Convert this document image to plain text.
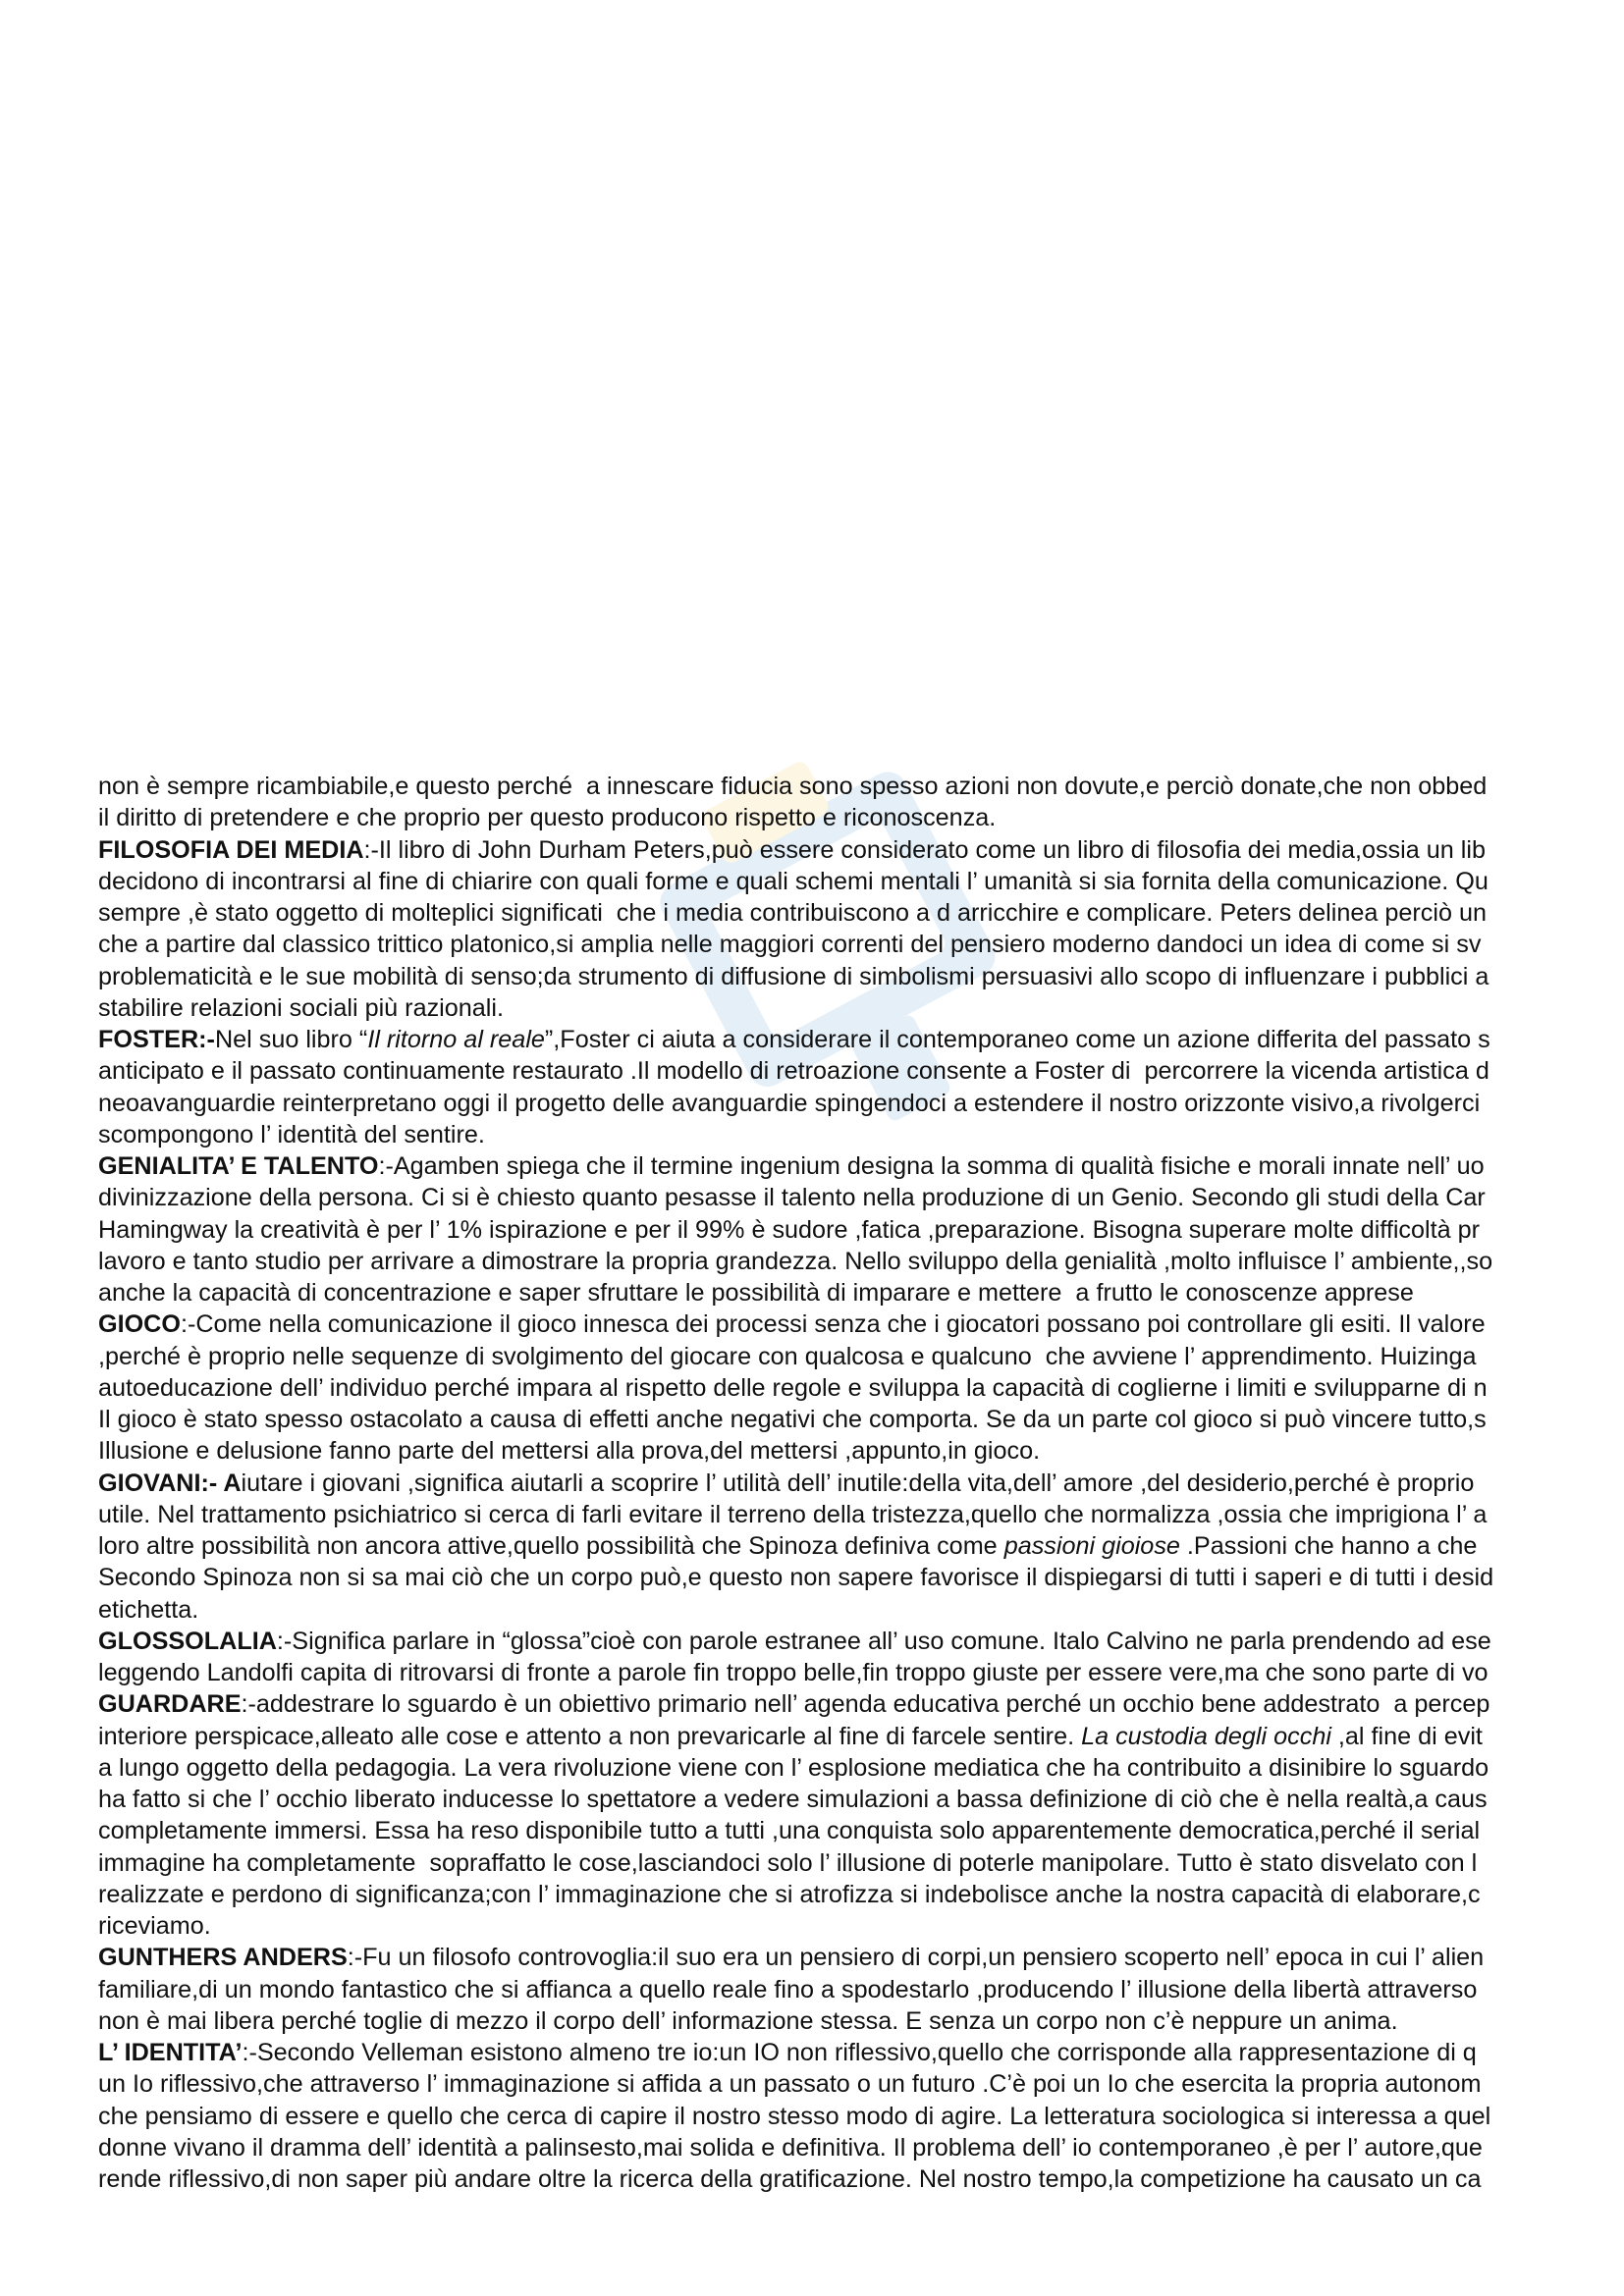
non è sempre ricambiabile,e questo perché  a innescare fiducia sono spesso azioni non dovute,e perciò donate,che non obbed
il diritto di pretendere e che proprio per questo producono rispetto e riconoscenza.
FILOSOFIA DEI MEDIA:-Il libro di John Durham Peters,può essere considerato come un libro di filosofia dei media,ossia un lib
decidono di incontrarsi al fine di chiarire con quali forme e quali schemi mentali l’ umanità si sia fornita della comunicazione. Qu
sempre ,è stato oggetto di molteplici significati  che i media contribuiscono a d arricchire e complicare. Peters delinea perciò un
che a partire dal classico trittico platonico,si amplia nelle maggiori correnti del pensiero moderno dandoci un idea di come si sv
problematicità e le sue mobilità di senso;da strumento di diffusione di simbolismi persuasivi allo scopo di influenzare i pubblici a
stabilire relazioni sociali più razionali.
FOSTER:-Nel suo libro “Il ritorno al reale”,Foster ci aiuta a considerare il contemporaneo come un azione differita del passato s
anticipato e il passato continuamente restaurato .Il modello di retroazione consente a Foster di  percorrere la vicenda artistica d
neoavanguardie reinterpretano oggi il progetto delle avanguardie spingendoci a estendere il nostro orizzonte visivo,a rivolgerci
scompongono l’ identità del sentire.
GENIALITA’ E TALENTO:-Agamben spiega che il termine ingenium designa la somma di qualità fisiche e morali innate nell’ uo
divinizzazione della persona. Ci si è chiesto quanto pesasse il talento nella produzione di un Genio. Secondo gli studi della Car
Hamingway la creatività è per l’ 1% ispirazione e per il 99% è sudore ,fatica ,preparazione. Bisogna superare molte difficoltà pr
lavoro e tanto studio per arrivare a dimostrare la propria grandezza. Nello sviluppo della genialità ,molto influisce l’ ambiente,,so
anche la capacità di concentrazione e saper sfruttare le possibilità di imparare e mettere  a frutto le conoscenze apprese
GIOCO:-Come nella comunicazione il gioco innesca dei processi senza che i giocatori possano poi controllare gli esiti. Il valore
,perché è proprio nelle sequenze di svolgimento del giocare con qualcosa e qualcuno  che avviene l’ apprendimento. Huizinga
autoeducazione dell’ individuo perché impara al rispetto delle regole e sviluppa la capacità di coglierne i limiti e svilupparne di n
Il gioco è stato spesso ostacolato a causa di effetti anche negativi che comporta. Se da un parte col gioco si può vincere tutto,s
Illusione e delusione fanno parte del mettersi alla prova,del mettersi ,appunto,in gioco.
GIOVANI:- Aiutare i giovani ,significa aiutarli a scoprire l’ utilità dell’ inutile:della vita,dell’ amore ,del desiderio,perché è proprio
utile. Nel trattamento psichiatrico si cerca di farli evitare il terreno della tristezza,quello che normalizza ,ossia che imprigiona l’ a
loro altre possibilità non ancora attive,quello possibilità che Spinoza definiva come passioni gioiose .Passioni che hanno a che
Secondo Spinoza non si sa mai ciò che un corpo può,e questo non sapere favorisce il dispiegarsi di tutti i saperi e di tutti i desid
etichetta.
GLOSSOLALIA:-Significa parlare in “glossa”cioè con parole estranee all’ uso comune. Italo Calvino ne parla prendendo ad ese
leggendo Landolfi capita di ritrovarsi di fronte a parole fin troppo belle,fin troppo giuste per essere vere,ma che sono parte di vo
GUARDARE:-addestrare lo sguardo è un obiettivo primario nell’ agenda educativa perché un occhio bene addestrato  a percep
interiore perspicace,alleato alle cose e attento a non prevaricarle al fine di farcele sentire. La custodia degli occhi ,al fine di evit
a lungo oggetto della pedagogia. La vera rivoluzione viene con l’ esplosione mediatica che ha contribuito a disinibire lo sguardo
ha fatto si che l’ occhio liberato inducesse lo spettatore a vedere simulazioni a bassa definizione di ciò che è nella realtà,a caus
completamente immersi. Essa ha reso disponibile tutto a tutti ,una conquista solo apparentemente democratica,perché il serial
immagine ha completamente  sopraffatto le cose,lasciandoci solo l’ illusione di poterle manipolare. Tutto è stato disvelato con l
realizzate e perdono di significanza;con l’ immaginazione che si atrofizza si indebolisce anche la nostra capacità di elaborare,c
riceviamo.
GUNTHERS ANDERS:-Fu un filosofo controvoglia:il suo era un pensiero di corpi,un pensiero scoperto nell’ epoca in cui l’ alien
familiare,di un mondo fantastico che si affianca a quello reale fino a spodestarlo ,producendo l’ illusione della libertà attraverso
non è mai libera perché toglie di mezzo il corpo dell’ informazione stessa. E senza un corpo non c’è neppure un anima.
L’ IDENTITA’:-Secondo Velleman esistono almeno tre io:un IO non riflessivo,quello che corrisponde alla rappresentazione di q
un Io riflessivo,che attraverso l’ immaginazione si affida a un passato o un futuro .C’è poi un Io che esercita la propria autonom
che pensiamo di essere e quello che cerca di capire il nostro stesso modo di agire. La letteratura sociologica si interessa a quel
donne vivano il dramma dell’ identità a palinsesto,mai solida e definitiva. Il problema dell’ io contemporaneo ,è per l’ autore,que
rende riflessivo,di non saper più andare oltre la ricerca della gratificazione. Nel nostro tempo,la competizione ha causato un ca
